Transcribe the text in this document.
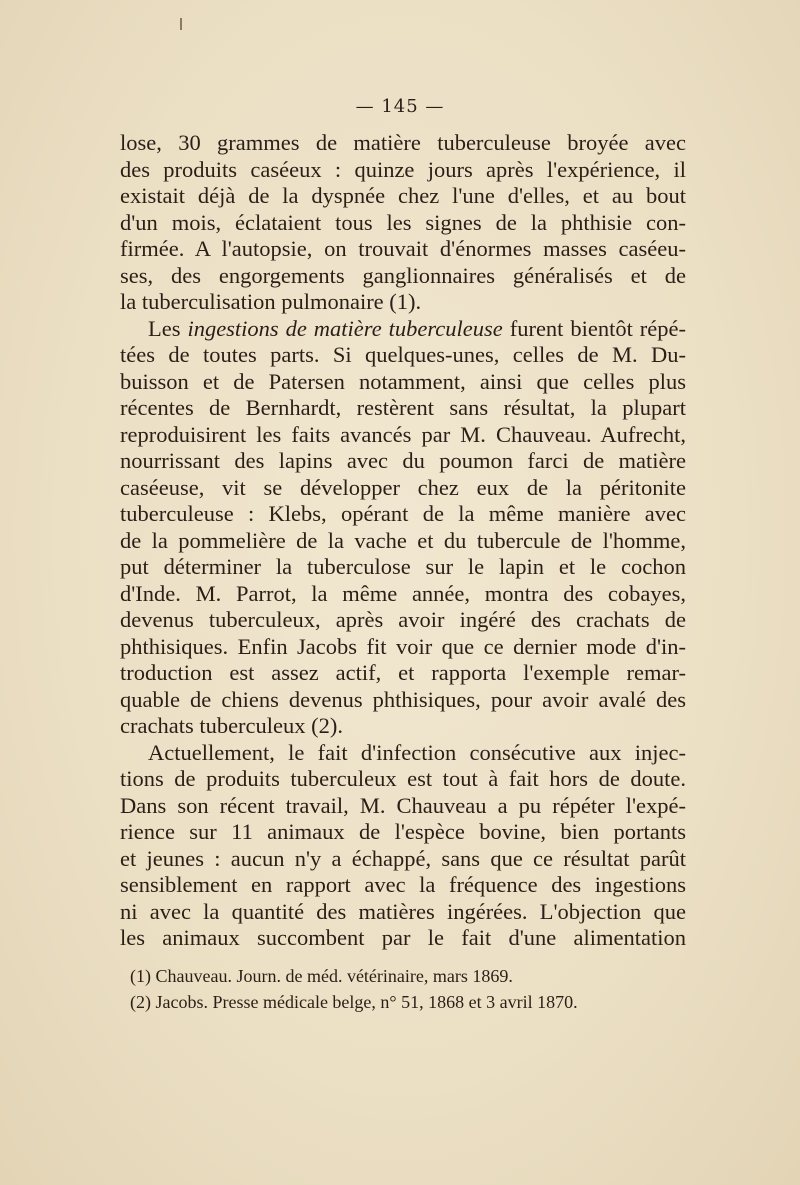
— 145 —
lose, 30 grammes de matière tuberculeuse broyée avec
des produits caséeux : quinze jours après l'expérience, il
existait déjà de la dyspnée chez l'une d'elles, et au bout
d'un mois, éclataient tous les signes de la phthisie con-
firmée. A l'autopsie, on trouvait d'énormes masses caséeu-
ses, des engorgements ganglionnaires généralisés et de
la tuberculisation pulmonaire (1).
Les ingestions de matière tuberculeuse furent bientôt répé-
tées de toutes parts. Si quelques-unes, celles de M. Du-
buisson et de Patersen notamment, ainsi que celles plus
récentes de Bernhardt, restèrent sans résultat, la plupart
reproduisirent les faits avancés par M. Chauveau. Aufrecht,
nourrissant des lapins avec du poumon farci de matière
caséeuse, vit se développer chez eux de la péritonite
tuberculeuse : Klebs, opérant de la même manière avec
de la pommelière de la vache et du tubercule de l'homme,
put déterminer la tuberculose sur le lapin et le cochon
d'Inde. M. Parrot, la même année, montra des cobayes,
devenus tuberculeux, après avoir ingéré des crachats de
phthisiques. Enfin Jacobs fit voir que ce dernier mode d'in-
troduction est assez actif, et rapporta l'exemple remar-
quable de chiens devenus phthisiques, pour avoir avalé des
crachats tuberculeux (2).
Actuellement, le fait d'infection consécutive aux injec-
tions de produits tuberculeux est tout à fait hors de doute.
Dans son récent travail, M. Chauveau a pu répéter l'expé-
rience sur 11 animaux de l'espèce bovine, bien portants
et jeunes : aucun n'y a échappé, sans que ce résultat parût
sensiblement en rapport avec la fréquence des ingestions
ni avec la quantité des matières ingérées. L'objection que
les animaux succombent par le fait d'une alimentation
(1) Chauveau. Journ. de méd. vétérinaire, mars 1869.
(2) Jacobs. Presse médicale belge, n° 51, 1868 et 3 avril 1870.
